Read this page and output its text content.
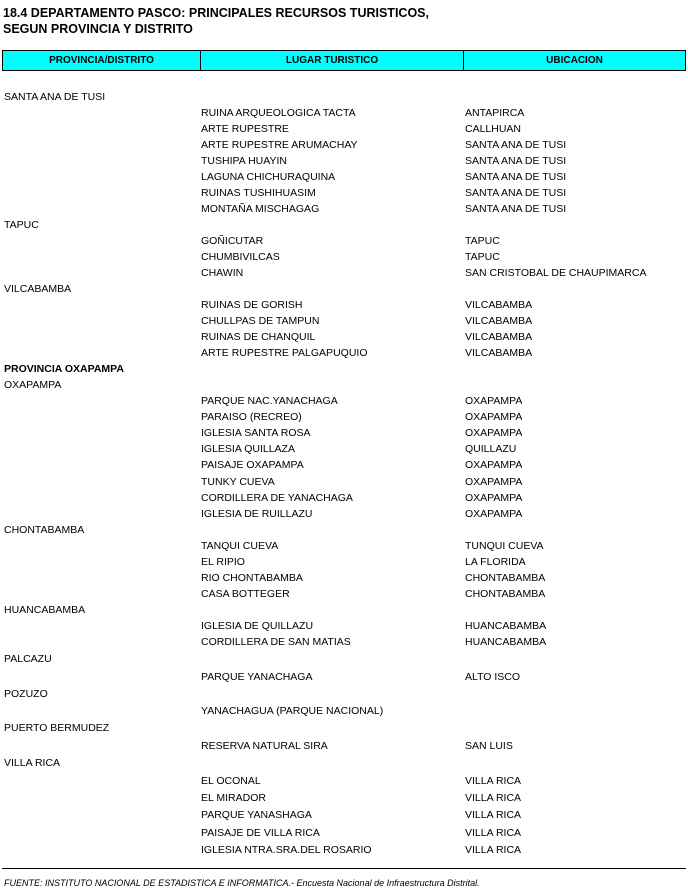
18.4 DEPARTAMENTO PASCO: PRINCIPALES RECURSOS TURISTICOS,
SEGUN PROVINCIA Y DISTRITO
PROVINCIA/DISTRITO	LUGAR TURISTICO	UBICACION
SANTA ANA DE TUSI
RUINA ARQUEOLOGICA TACTA	ANTAPIRCA
ARTE RUPESTRE	CALLHUAN
ARTE RUPESTRE ARUMACHAY	SANTA ANA DE TUSI
TUSHIPA HUAYIN	SANTA ANA DE TUSI
LAGUNA CHICHURAQUINA	SANTA ANA DE TUSI
RUINAS TUSHIHUASIM	SANTA ANA DE TUSI
MONTAÑA MISCHAGAG	SANTA ANA DE TUSI
TAPUC
GOÑICUTAR	TAPUC
CHUMBIVILCAS	TAPUC
CHAWIN	SAN CRISTOBAL DE CHAUPIMARCA
VILCABAMBA
RUINAS DE GORISH	VILCABAMBA
CHULLPAS DE TAMPUN	VILCABAMBA
RUINAS DE CHANQUIL	VILCABAMBA
ARTE RUPESTRE PALGAPUQUIO	VILCABAMBA
PROVINCIA OXAPAMPA
OXAPAMPA
PARQUE NAC.YANACHAGA	OXAPAMPA
PARAISO (RECREO)	OXAPAMPA
IGLESIA SANTA ROSA	OXAPAMPA
IGLESIA QUILLAZA	QUILLAZU
PAISAJE OXAPAMPA	OXAPAMPA
TUNKY CUEVA	OXAPAMPA
CORDILLERA DE YANACHAGA	OXAPAMPA
IGLESIA DE RUILLAZU	OXAPAMPA
CHONTABAMBA
TANQUI CUEVA	TUNQUI CUEVA
EL RIPIO	LA FLORIDA
RIO CHONTABAMBA	CHONTABAMBA
CASA BOTTEGER	CHONTABAMBA
HUANCABAMBA
IGLESIA DE QUILLAZU	HUANCABAMBA
CORDILLERA DE SAN MATIAS	HUANCABAMBA
PALCAZU
PARQUE YANACHAGA	ALTO ISCO
POZUZO
YANACHAGUA (PARQUE NACIONAL)
PUERTO BERMUDEZ
RESERVA NATURAL SIRA	SAN LUIS
VILLA RICA
EL OCONAL	VILLA RICA
EL MIRADOR	VILLA RICA
PARQUE YANASHAGA	VILLA RICA
PAISAJE DE VILLA RICA	VILLA RICA
IGLESIA NTRA.SRA.DEL ROSARIO	VILLA RICA
FUENTE: INSTITUTO NACIONAL DE ESTADISTICA E INFORMATICA.- Encuesta Nacional de Infraestructura Distrital.
